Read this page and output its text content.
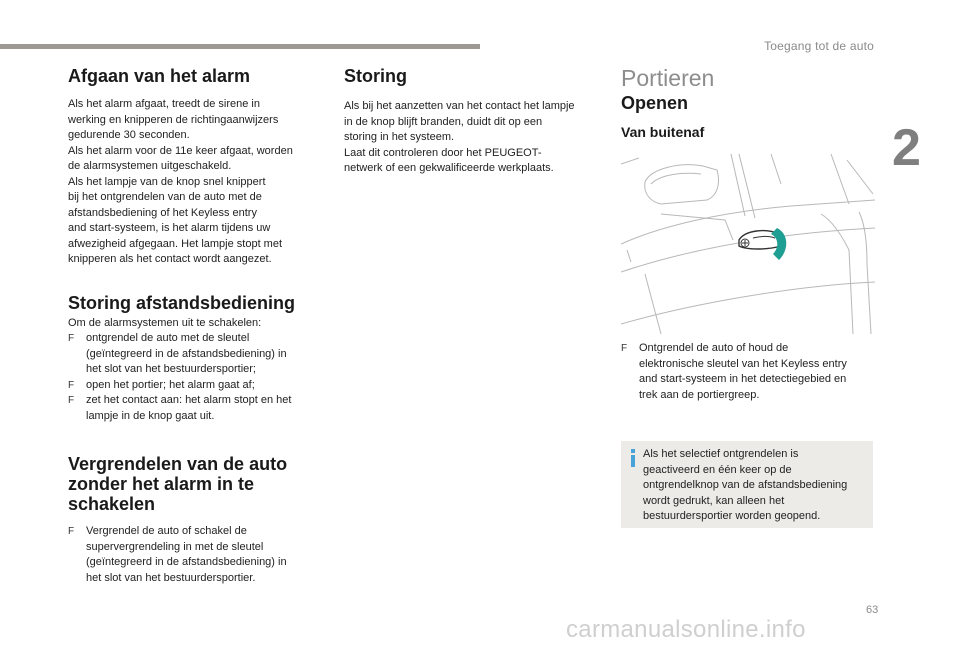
Toegang tot de auto
2
Afgaan van het alarm

Als het alarm afgaat, treedt de sirene in
werking en knipperen de richtingaanwijzers
gedurende 30 seconden.
Als het alarm voor de 11e keer afgaat, worden
de alarmsystemen uitgeschakeld.
Als het lampje van de knop snel knippert
bij het ontgrendelen van de auto met de
afstandsbediening of het Keyless entry
and start-systeem, is het alarm tijdens uw
afwezigheid afgegaan. Het lampje stopt met
knipperen als het contact wordt aangezet.

Storing afstandsbediening

Om de alarmsystemen uit te schakelen:

F ontgrendel de auto met de sleutel
(geïntegreerd in de afstandsbediening) in
het slot van het bestuurdersportier;
F open het portier; het alarm gaat af;
F zet het contact aan: het alarm stopt en het
lampje in de knop gaat uit.
Vergrendelen van de auto
zonder het alarm in te
schakelen
F Vergrendel de auto of schakel de
supervergrendeling in met de sleutel
(geïntegreerd in de afstandsbediening) in
het slot van het bestuurdersportier.
Storing

Als bij het aanzetten van het contact het lampje
in de knop blijft branden, duidt dit op een
storing in het systeem.
Laat dit controleren door het PEUGEOT-
netwerk of een gekwalificeerde werkplaats.

Portieren
Openen
Van buitenaf
F Ontgrendel de auto of houd de
elektronische sleutel van het Keyless entry
and start-systeem in het detectiegebied en
trek aan de portiergreep.
Als het selectief ontgrendelen is
geactiveerd en één keer op de
ontgrendelknop van de afstandsbediening
wordt gedrukt, kan alleen het
bestuurdersportier worden geopend.
63
carmanualsonline.info
